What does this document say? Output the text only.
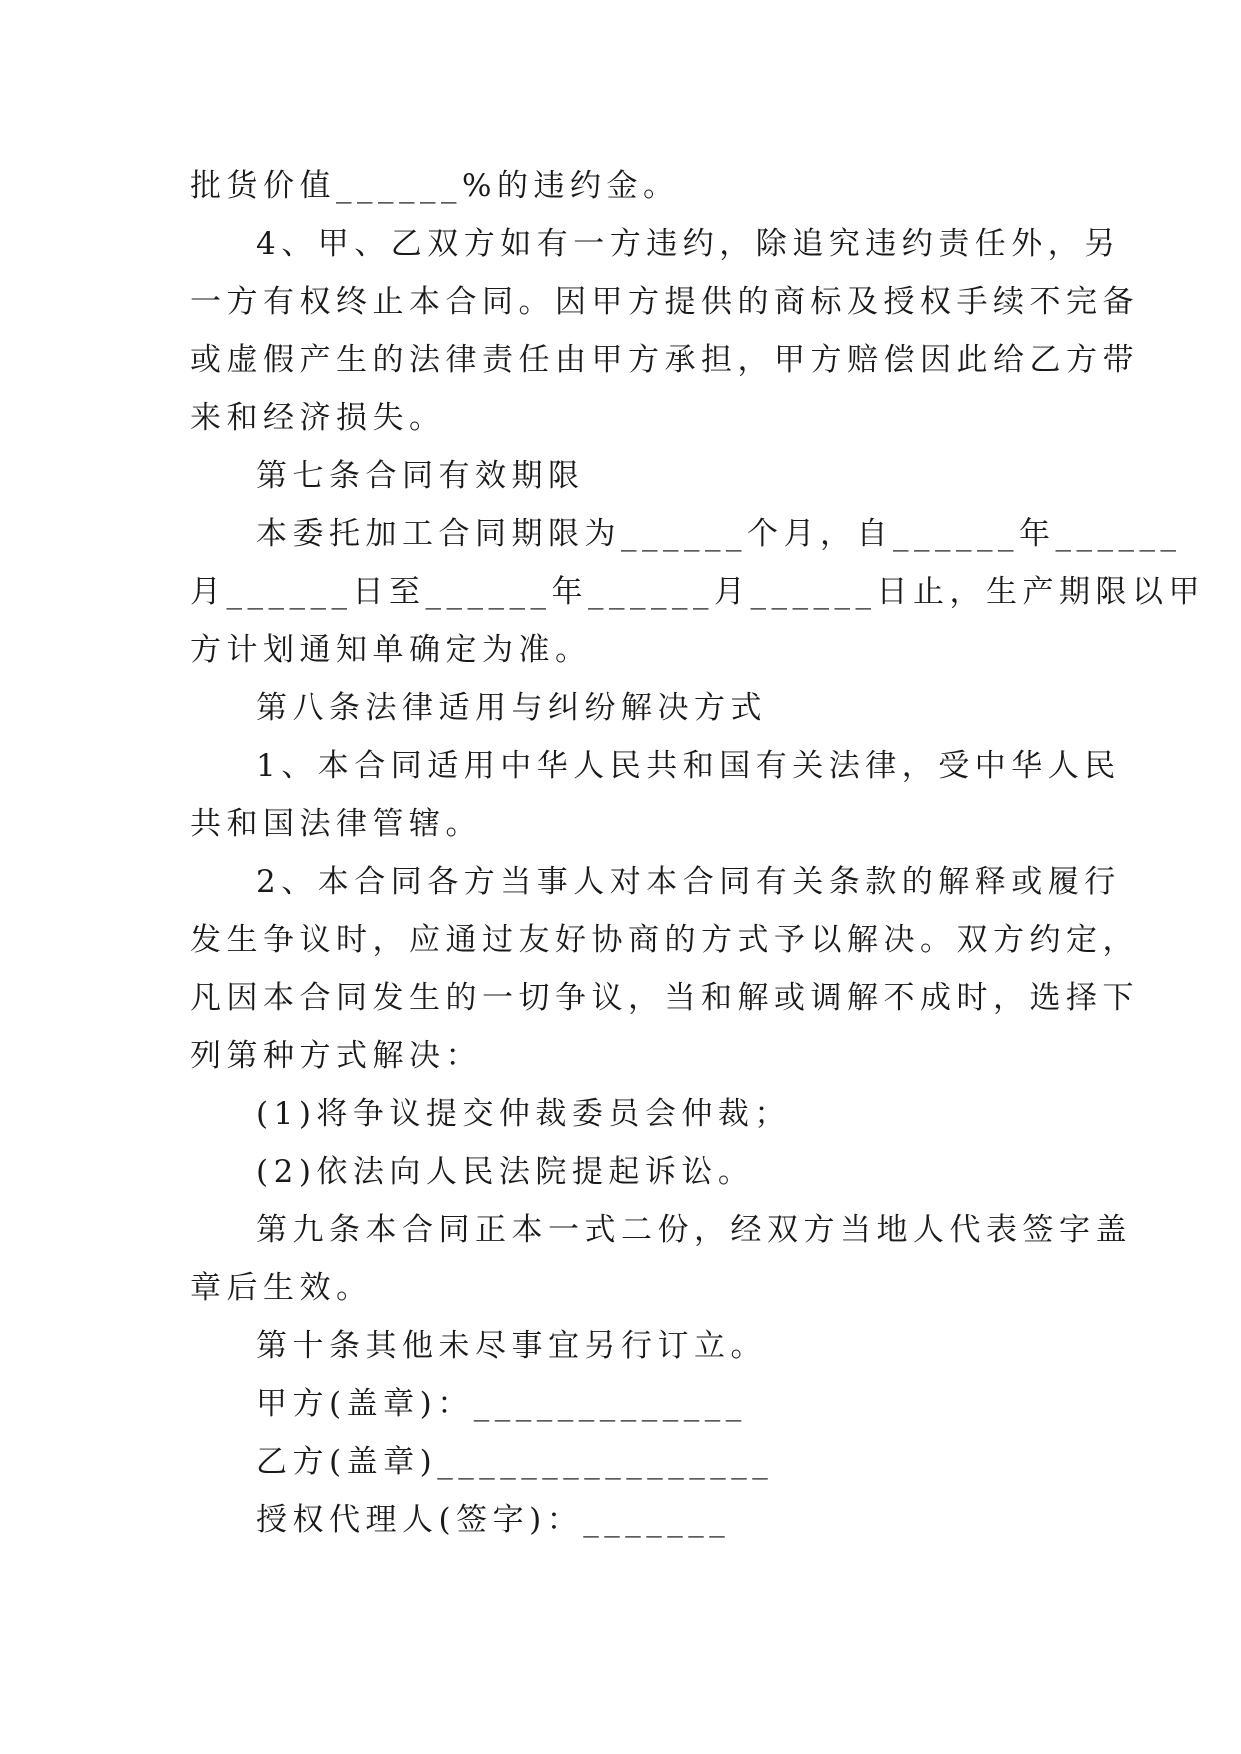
批货价值______%的违约金。
4、甲、乙双方如有一方违约，除追究违约责任外，另
一方有权终止本合同。因甲方提供的商标及授权手续不完备
或虚假产生的法律责任由甲方承担，甲方赔偿因此给乙方带
来和经济损失。
第七条合同有效期限
本委托加工合同期限为______个月，自______年______
月______日至______年______月______日止，生产期限以甲
方计划通知单确定为准。
第八条法律适用与纠纷解决方式
1、本合同适用中华人民共和国有关法律，受中华人民
共和国法律管辖。
2、本合同各方当事人对本合同有关条款的解释或履行
发生争议时，应通过友好协商的方式予以解决。双方约定，
凡因本合同发生的一切争议，当和解或调解不成时，选择下
列第种方式解决：
(1)将争议提交仲裁委员会仲裁；
(2)依法向人民法院提起诉讼。
第九条本合同正本一式二份，经双方当地人代表签字盖
章后生效。
第十条其他未尽事宜另行订立。
甲方(盖章)：_____________
乙方(盖章)________________
授权代理人(签字)：_______
